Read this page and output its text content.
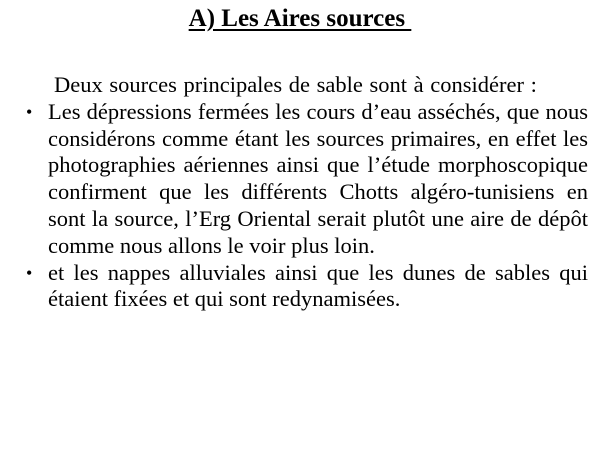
A) Les Aires sources

Deux sources principales de sable sont à considérer :

• Les dépressions fermées les cours d’eau asséchés, que nous considérons comme étant les sources primaires, en effet les photographies aériennes ainsi que l’étude morphoscopique confirment que les différents Chotts algéro-tunisiens en sont la source, l’Erg Oriental serait plutôt une aire de dépôt comme nous allons le voir plus loin.
• et les nappes alluviales ainsi que les dunes de sables qui étaient fixées et qui sont redynamisées.
